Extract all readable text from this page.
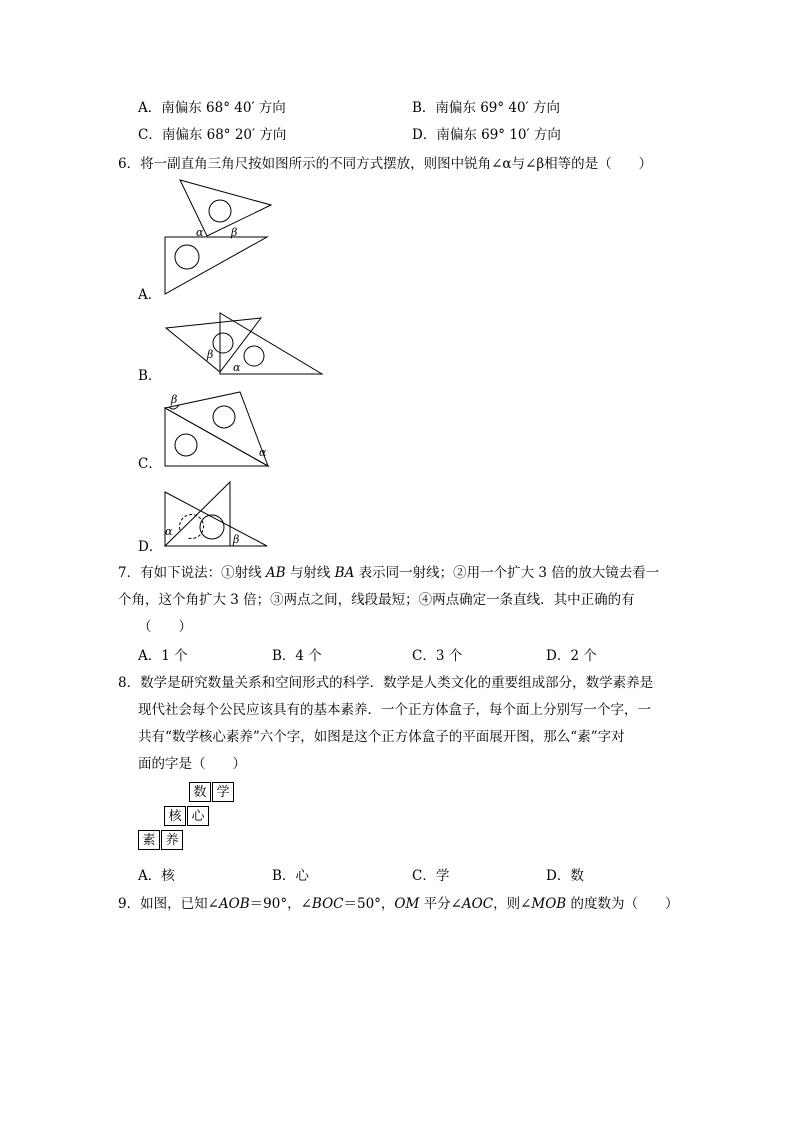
A．南偏东 68° 40′ 方向	B．南偏东 69° 40′ 方向
C．南偏东 68° 20′ 方向	D．南偏东 69° 10′ 方向
6．将一副直角三角尺按如图所示的不同方式摆放，则图中锐角∠α与∠β相等的是（　　）
α	β
A．
β
α
B．
β
α
C．
α
β
D．
7．有如下说法：①射线 AB 与射线 BA 表示同一射线；②用一个扩大 3 倍的放大镜去看一
个角，这个角扩大 3 倍；③两点之间，线段最短；④两点确定一条直线．其中正确的有
（　　）
A．1 个	B．4 个	C．3 个	D．2 个
8．数学是研究数量关系和空间形式的科学．数学是人类文化的重要组成部分，数学素养是
现代社会每个公民应该具有的基本素养．一个正方体盒子，每个面上分别写一个字，一
共有“数学核心素养”六个字，如图是这个正方体盒子的平面展开图，那么“素”字对
面的字是（　　）
数 学
核 心
素 养
A．核	B．心	C．学	D．数
9．如图，已知∠AOB＝90°，∠BOC＝50°，OM 平分∠AOC，则∠MOB 的度数为（　　）
